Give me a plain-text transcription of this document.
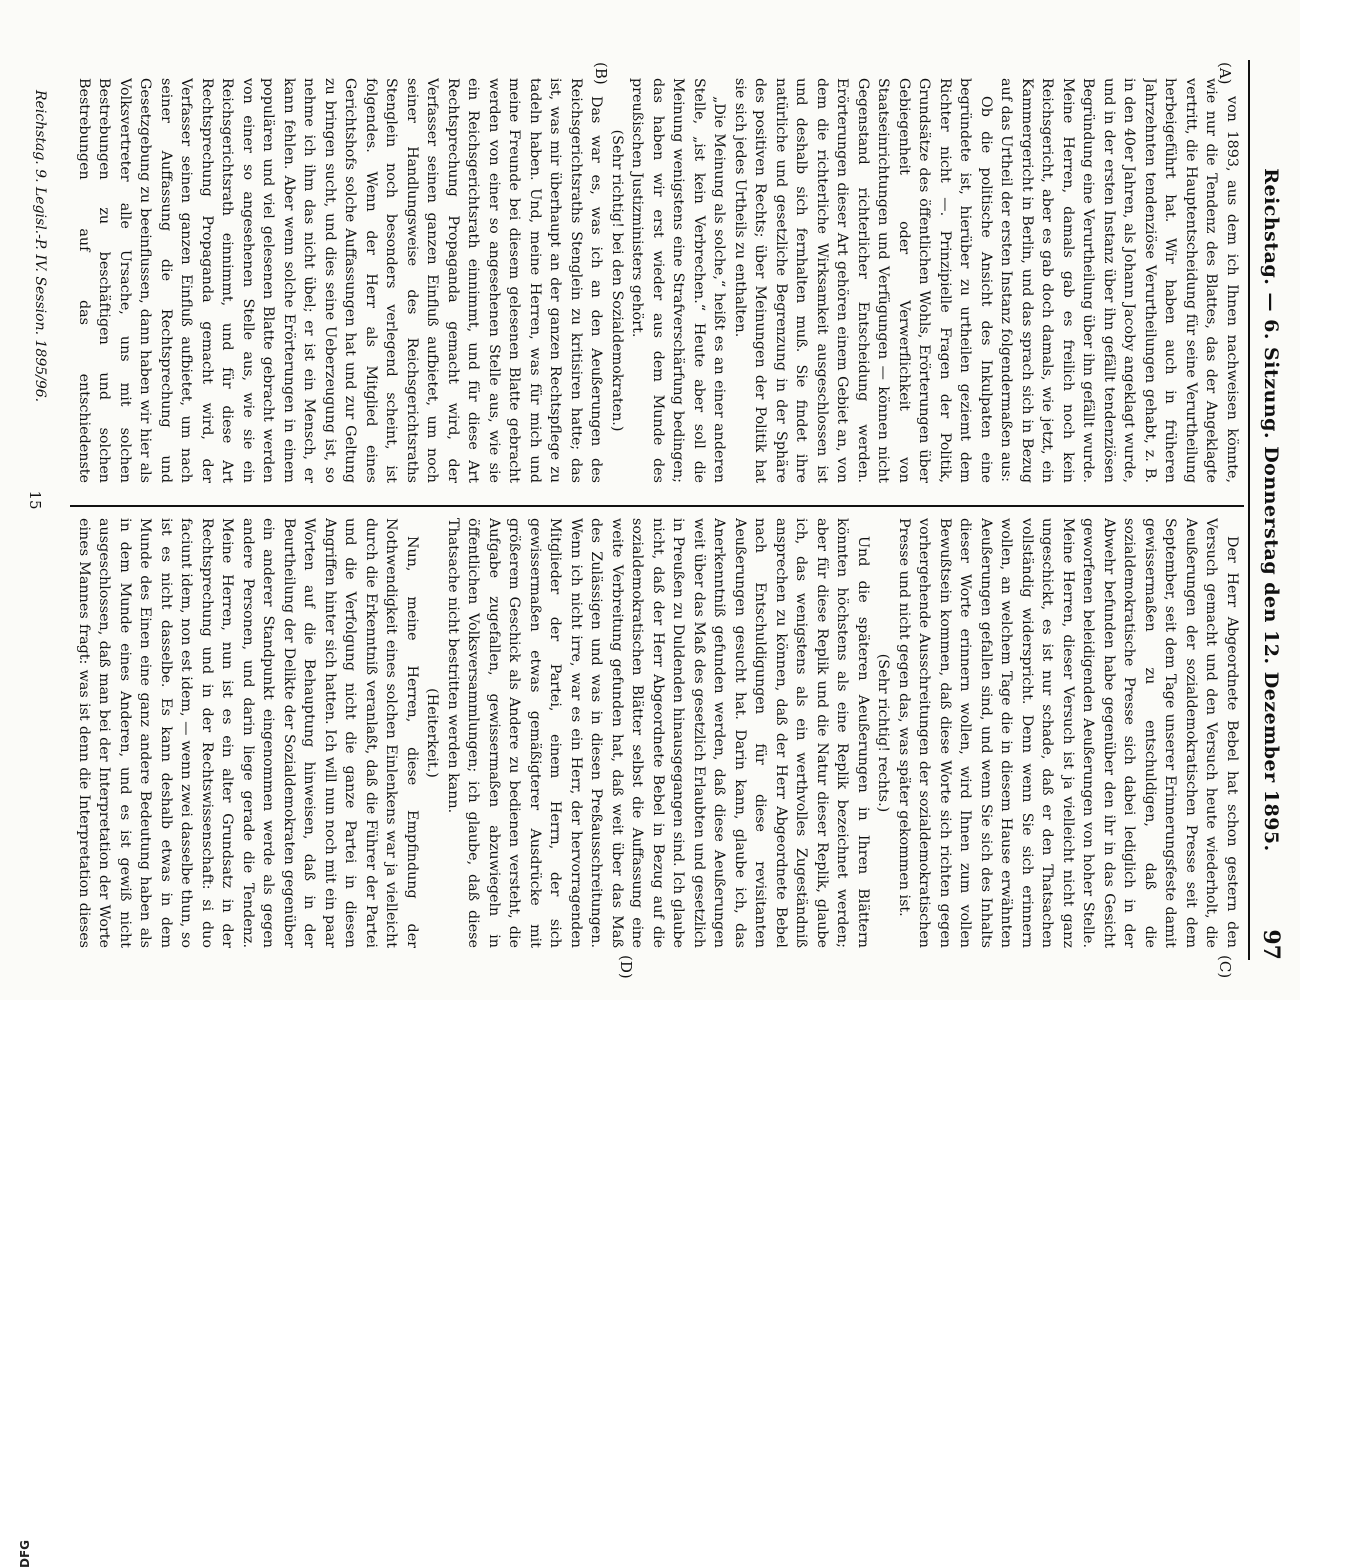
DFG
Reichstag. — 6. Sitzung. Donnerstag den 12. Dezember 1895.
97
(A)
(B)
(C)
(D)

von 1893, aus dem ich Ihnen nachweisen könnte, wie nur die Tendenz des Blattes, das der Angeklagte vertritt, die Hauptentscheidung für seine Verurtheilung herbeigeführt hat. Wir haben auch in früheren Jahrzehnten tendenziöse Verurtheilungen gehabt, z. B. in den 40er Jahren, als Johann Jacoby angeklagt wurde, und in der ersten Instanz über ihn gefällt tendenziösen Begründung eine Verurtheilung über ihn gefällt wurde. Meine Herren, damals gab es freilich noch kein Reichsgericht, aber es gab doch damals, wie jetzt, ein Kammergericht in Berlin, und das sprach sich in Bezug auf das Urtheil der ersten Instanz folgendermaßen aus:

Ob die politische Ansicht des Inkulpaten eine begründete ist, hierüber zu urtheilen geziemt dem Richter nicht —. Prinzipielle Fragen der Politik, Grundsätze des öffentlichen Wohls, Erörterungen über Gebiegenheit oder Verwerflichkeit von Staatseinrichtungen und Verfügungen — können nicht Gegenstand richterlicher Entscheidung werden. Erörterungen dieser Art gehören einem Gebiet an, von dem die richterliche Wirksamkeit ausgeschlossen ist und deshalb sich fernhalten muß. Sie findet ihre natürliche und gesetzliche Begrenzung in der Sphäre des positiven Rechts; über Meinungen der Politik hat sie sich jedes Urtheils zu enthalten.

„Die Meinung als solche,“ heißt es an einer anderen Stelle, „ist kein Verbrechen.“ Heute aber soll die Meinung wenigstens eine Strafverschärfung bedingen; das haben wir erst wieder aus dem Munde des preußischen Justizministers gehört.

(Sehr richtig! bei den Sozialdemokraten.)

Das war es, was ich an den Aeußerungen des Reichsgerichtsraths Stenglein zu kritisiren hatte; das ist, was mir überhaupt an der ganzen Rechtspflege zu tadeln haben. Und, meine Herren, was für mich und meine Freunde bei diesem gelesenen Blatte gebracht werden von einer so angesehenen Stelle aus, wie sie ein Reichsgerichtsrath einnimmt, und für diese Art Rechtsprechung Propaganda gemacht wird, der Verfasser seinen ganzen Einfluß aufbietet, um noch seiner Handlungsweise des Reichsgerichtsraths Stenglein noch besonders verlegend scheint, ist folgendes. Wenn der Herr als Mitglied eines Gerichtshofs solche Auffassungen hat und zur Geltung zu bringen sucht, und dies seine Ueberzeugung ist, so nehme ich ihm das nicht übel; er ist ein Mensch, er kann fehlen. Aber wenn solche Erörterungen in einem populären und viel gelesenen Blatte gebracht werden von einer so angesehenen Stelle aus, wie sie ein Reichsgerichtsrath einnimmt, und für diese Art Rechtsprechung Propaganda gemacht wird, der Verfasser seinen ganzen Einfluß aufbietet, um nach seiner Auffassung die Rechtsprechung und Gesetzgebung zu beeinflussen, dann haben wir hier als Volksvertreter alle Ursache, uns mit solchen Bestrebungen zu beschäftigen und solchen Bestrebungen auf das entschiedenste

Der Herr Abgeordnete Bebel hat schon gestern den Versuch gemacht und den Versuch heute wiederholt, die Aeußerungen der sozialdemokratischen Presse seit dem September, seit dem Tage unserer Erinnerungsfeste damit gewissermaßen zu entschuldigen, daß die sozialdemokratische Presse sich dabei lediglich in der Abwehr befunden habe gegenüber den ihr in das Gesicht geworfenen beleidigenden Aeußerungen von hoher Stelle. Meine Herren, dieser Versuch ist ja vielleicht nicht ganz ungeschickt, es ist nur schade, daß er den Thatsachen vollständig widerspricht. Denn wenn Sie sich erinnern wollen, an welchem Tage die in diesem Hause erwähnten Aeußerungen gefallen sind, und wenn Sie sich des Inhalts dieser Worte erinnern wollen, wird Ihnen zum vollen Bewußtsein kommen, daß diese Worte sich richten gegen vorhergehende Ausschreitungen der sozialdemokratischen Presse und nicht gegen das, was später gekommen ist.

(Sehr richtig! rechts.)

Und die späteren Aeußerungen in Ihren Blättern könnten höchstens als eine Replik bezeichnet werden; aber für diese Replik und die Natur dieser Replik, glaube ich, das wenigstens als ein werthvolles Zugeständniß ansprechen zu können, daß der Herr Abgeordnete Bebel nach Entschuldigungen für diese revisitanten Aeußerungen gesucht hat. Darin kann, glaube ich, das Anerkenntniß gefunden werden, daß diese Aeußerungen weit über das Maß des gesetzlich Erlaubten und gesetzlich in Preußen zu Duldenden hinausgegangen sind. Ich glaube nicht, daß der Herr Abgeordnete Bebel in Bezug auf die sozialdemokratischen Blätter selbst die Auffassung eine weite Verbreitung gefunden hat, daß weit über das Maß des Zulässigen und was in diesen Preßausschreitungen. Wenn ich nicht irre, war es ein Herr, der hervorragenden Mitglieder der Partei, einem Herrn, der sich gewissermaßen etwas gemäßigterer Ausdrücke mit größerem Geschick als Andere zu bedienen versteht, die Aufgabe zugefallen, gewissermaßen abzuwiegeln in öffentlichen Volksversammlungen; ich glaube, daß diese Thatsache nicht bestritten werden kann.

(Heiterkeit.)

Nun, meine Herren, diese Empfindung der Nothwendigkeit eines solchen Einlenkens war ja vielleicht durch die Erkenntniß veranlaßt, daß die Führer der Partei und die Verfolgung nicht die ganze Partei in diesen Angriffen hinter sich hatten. Ich will nun noch mit ein paar Worten auf die Behauptung hinweisen, daß in der Beurtheilung der Delikte der Sozialdemokraten gegenüber ein anderer Standpunkt eingenommen werde als gegen andere Personen, und darin liege gerade die Tendenz. Meine Herren, nun ist es ein alter Grundsatz in der Rechtsprechung und in der Rechtswissenschaft: si duo faciunt idem, non est idem, — wenn zwei dasselbe thun, so ist es nicht dasselbe. Es kann deshalb etwas in dem Munde des Einen eine ganz andere Bedeutung haben als in dem Munde eines Anderen, und es ist gewiß nicht ausgeschlossen, daß man bei der Interpretation der Worte eines Mannes fragt: was ist denn die Interpretation dieses

Reichstag. 9. Legisl.-P. IV. Session. 1895/96.
15
